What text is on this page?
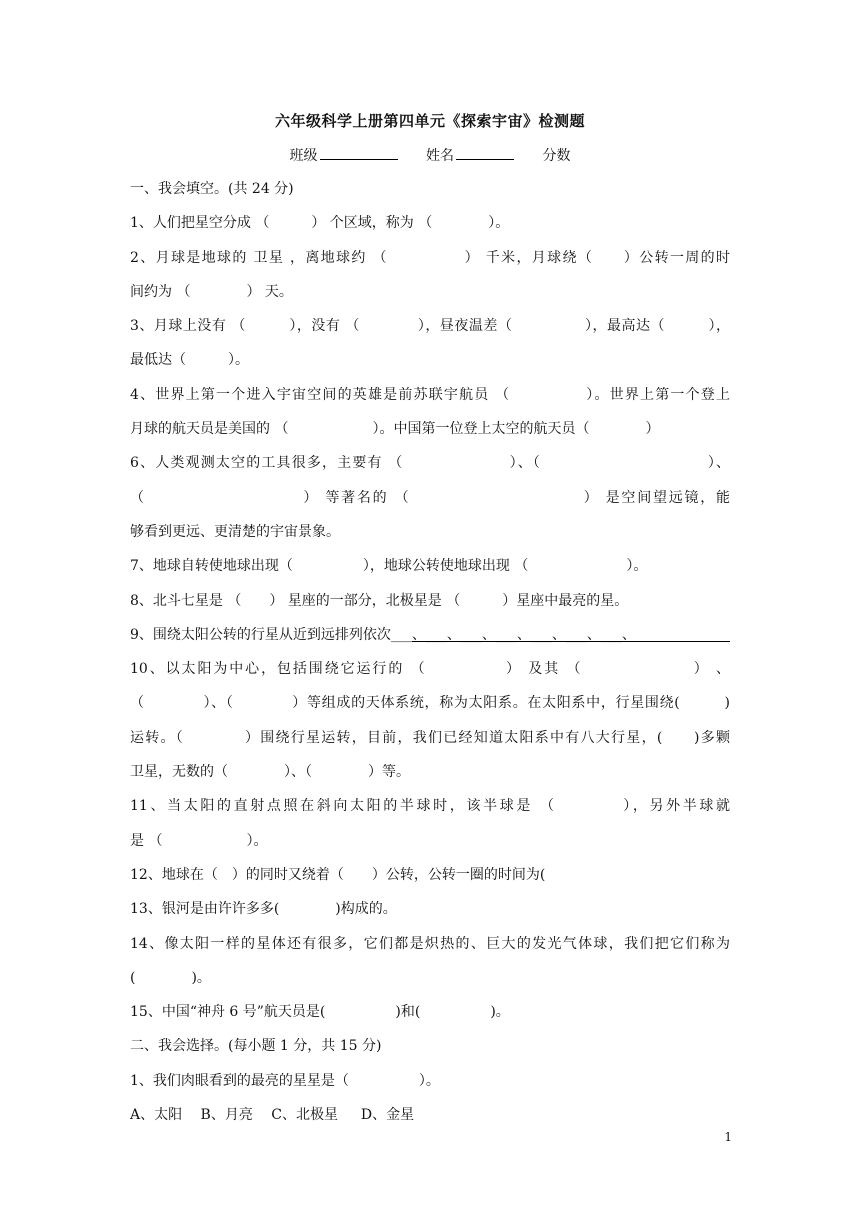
六年级科学上册第四单元《探索宇宙》检测题
班级	姓名	分数
一、我会填空。(共 24 分)
1、人们把星空分成 （　　　） 个区域，称为 （　　　　）。
2、月球是地球的 卫星 ，离地球约 （　　　　　） 千米，月球绕（　　）公转一周的时
间约为 （　　　　） 天。
3、月球上没有 （　　　），没有 （　　　　），昼夜温差（　　　　　），最高达（　　　），
最低达（　　　）。
4、世界上第一个进入宇宙空间的英雄是前苏联宇航员 （　　　　　）。世界上第一个登上
月球的航天员是美国的 （　　　　　　）。中国第一位登上太空的航天员（　　　　）
6、人类观测太空的工具很多，主要有 （　　　　　　　）、（　　　　　　　　　　　）、
（　　　　　　　　　　） 等著名的 （　　　　　　　　　　　） 是空间望远镜，能
够看到更远、更清楚的宇宙景象。
7、地球自转使地球出现（　　　　　），地球公转使地球出现 （　　　　　　　）。
8、北斗七星是 （　　） 星座的一部分，北极星是 （　　　）星座中最亮的星。
9、围绕太阳公转的行星从近到远排列依次___、___、___、___、___、___、___、
10、以太阳为中心，包括围绕它运行的 （　　　　　） 及其 （　　　　　　　） 、
（　　　　）、（　　　　）等组成的天体系统，称为太阳系。在太阳系中，行星围绕(　　　)
运转。（　　　　）围绕行星运转，目前，我们已经知道太阳系中有八大行星，(　　)多颗
卫星，无数的（　　　　）、（　　　　）等。
11、当太阳的直射点照在斜向太阳的半球时，该半球是 （　　　　），另外半球就
是 （　　　　　　）。
12、地球在（　）的同时又绕着（　　）公转，公转一圈的时间为(
13、银河是由许许多多(　　　　)构成的。
14、像太阳一样的星体还有很多，它们都是炽热的、巨大的发光气体球，我们把它们称为
(　　　　)。
15、中国“神舟 6 号”航天员是(　　　　　)和(　　　　　)。
二、我会选择。(每小题 1 分，共 15 分)
1、我们肉眼看到的最亮的星星是（　　　　　）。
A、太阳　 B、月亮 　C、北极星 　 D、金星
1
